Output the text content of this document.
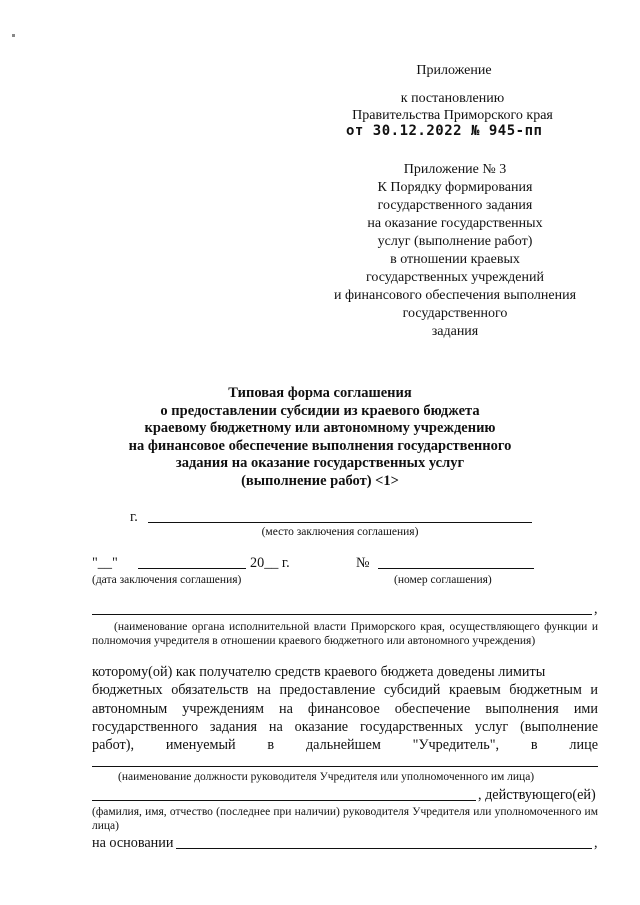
Приложение
к постановлению
Правительства Приморского края
от 30.12.2022 № 945-пп
Приложение № 3
К Порядку формирования
государственного задания
на оказание государственных
услуг (выполнение работ)
в отношении краевых
государственных учреждений
и финансового обеспечения выполнения
государственного
задания
Типовая форма соглашения
о предоставлении субсидии из краевого бюджета
краевому бюджетному или автономному учреждению
на финансовое обеспечение выполнения государственного
задания на оказание государственных услуг
(выполнение работ) <1>
г.
(место заключения соглашения)
"__"	20__ г.	№
(дата заключения соглашения)	(номер соглашения)
,
(наименование органа исполнительной власти Приморского края, осуществляющего функции и полномочия учредителя в отношении краевого бюджетного или автономного учреждения)
которому(ой) как получателю средств краевого бюджета доведены лимиты
бюджетных обязательств на предоставление субсидий краевым бюджетным и
автономным учреждениям на финансовое обеспечение выполнения ими
государственного задания на оказание государственных услуг (выполнение
работ), именуемый в дальнейшем "Учредитель", в лице
(наименование должности руководителя Учредителя или уполномоченного им лица)
, действующего(ей)
(фамилия, имя, отчество (последнее при наличии) руководителя Учредителя или уполномоченного им лица)
на основании	,
